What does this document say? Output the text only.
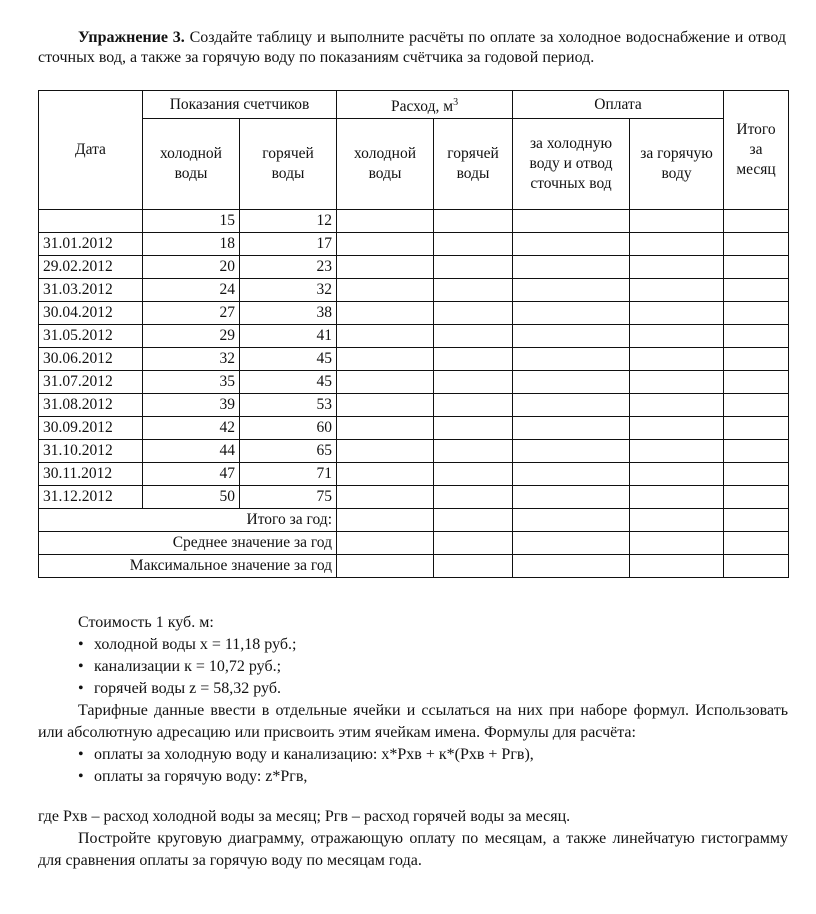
Упражнение 3. Создайте таблицу и выполните расчёты по оплате за холодное водоснабжение и отвод сточных вод, а также за горячую воду по показаниям счётчика за годовой период.

Дата	Показания счетчиков		Расход, $м^3$		Оплата		Итого за месяц
	холодной воды	горячей воды	холодной воды	горячей воды	за холодную воду и отвод сточных вод	за горячую воду	
	15	12					
31.01.2012	18	17					
29.02.2012	20	23					
31.03.2012	24	32					
30.04.2012	27	38					
31.05.2012	29	41					
30.06.2012	32	45					
31.07.2012	35	45					
31.08.2012	39	53					
30.09.2012	42	60					
31.10.2012	44	65					
30.11.2012	47	71					
31.12.2012	50	75					
Итого за год:							
Среднее значение за год							
Максимальное значение за год							

Стоимость 1 куб. м:

• холодной воды x = 11,18 руб.;
• канализации к = 10,72 руб.;
• горячей воды z = 58,32 руб.

Тарифные данные ввести в отдельные ячейки и ссылаться на них при наборе формул. Использовать или абсолютную адресацию или присвоить этим ячейкам имена. Формулы для расчёта:

• оплаты за холодную воду и канализацию: x*Pхв + к*(Pхв + Pгв),
• оплаты за горячую воду: z*Pгв,

где Pхв – расход холодной воды за месяц; Pгв – расход горячей воды за месяц.

Постройте круговую диаграмму, отражающую оплату по месяцам, а также линейчатую гистограмму для сравнения оплаты за горячую воду по месяцам года.
